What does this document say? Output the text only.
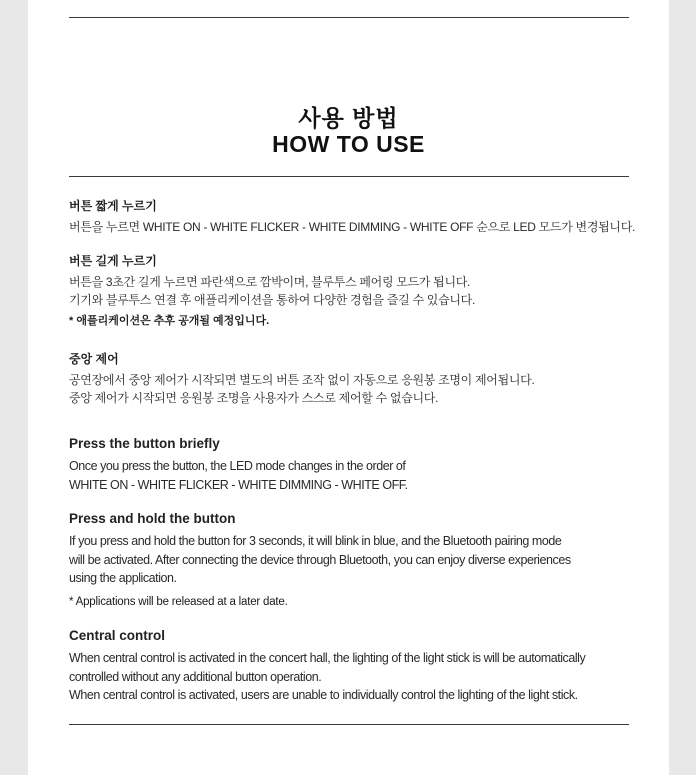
사용 방법
HOW TO USE

버튼 짧게 누르기

버튼을 누르면 WHITE ON - WHITE FLICKER - WHITE DIMMING - WHITE OFF 순으로 LED 모드가 변경됩니다.

버튼 길게 누르기

버튼을 3초간 길게 누르면 파란색으로 깜박이며, 블루투스 페어링 모드가 됩니다.

기기와 블루투스 연결 후 애플리케이션을 통하여 다양한 경험을 즐길 수 있습니다.

* 애플리케이션은 추후 공개될 예정입니다.

중앙 제어

공연장에서 중앙 제어가 시작되면 별도의 버튼 조작 없이 자동으로 응원봉 조명이 제어됩니다.

중앙 제어가 시작되면 응원봉 조명을 사용자가 스스로 제어할 수 없습니다.

Press the button briefly

Once you press the button, the LED mode changes in the order of

WHITE ON - WHITE FLICKER - WHITE DIMMING - WHITE OFF.

Press and hold the button

If you press and hold the button for 3 seconds, it will blink in blue, and the Bluetooth pairing mode

will be activated. After connecting the device through Bluetooth, you can enjoy diverse experiences

using the application.

* Applications will be released at a later date.

Central control

When central control is activated in the concert hall, the lighting of the light stick is will be automatically

controlled without any additional button operation.

When central control is activated, users are unable to individually control the lighting of the light stick.
